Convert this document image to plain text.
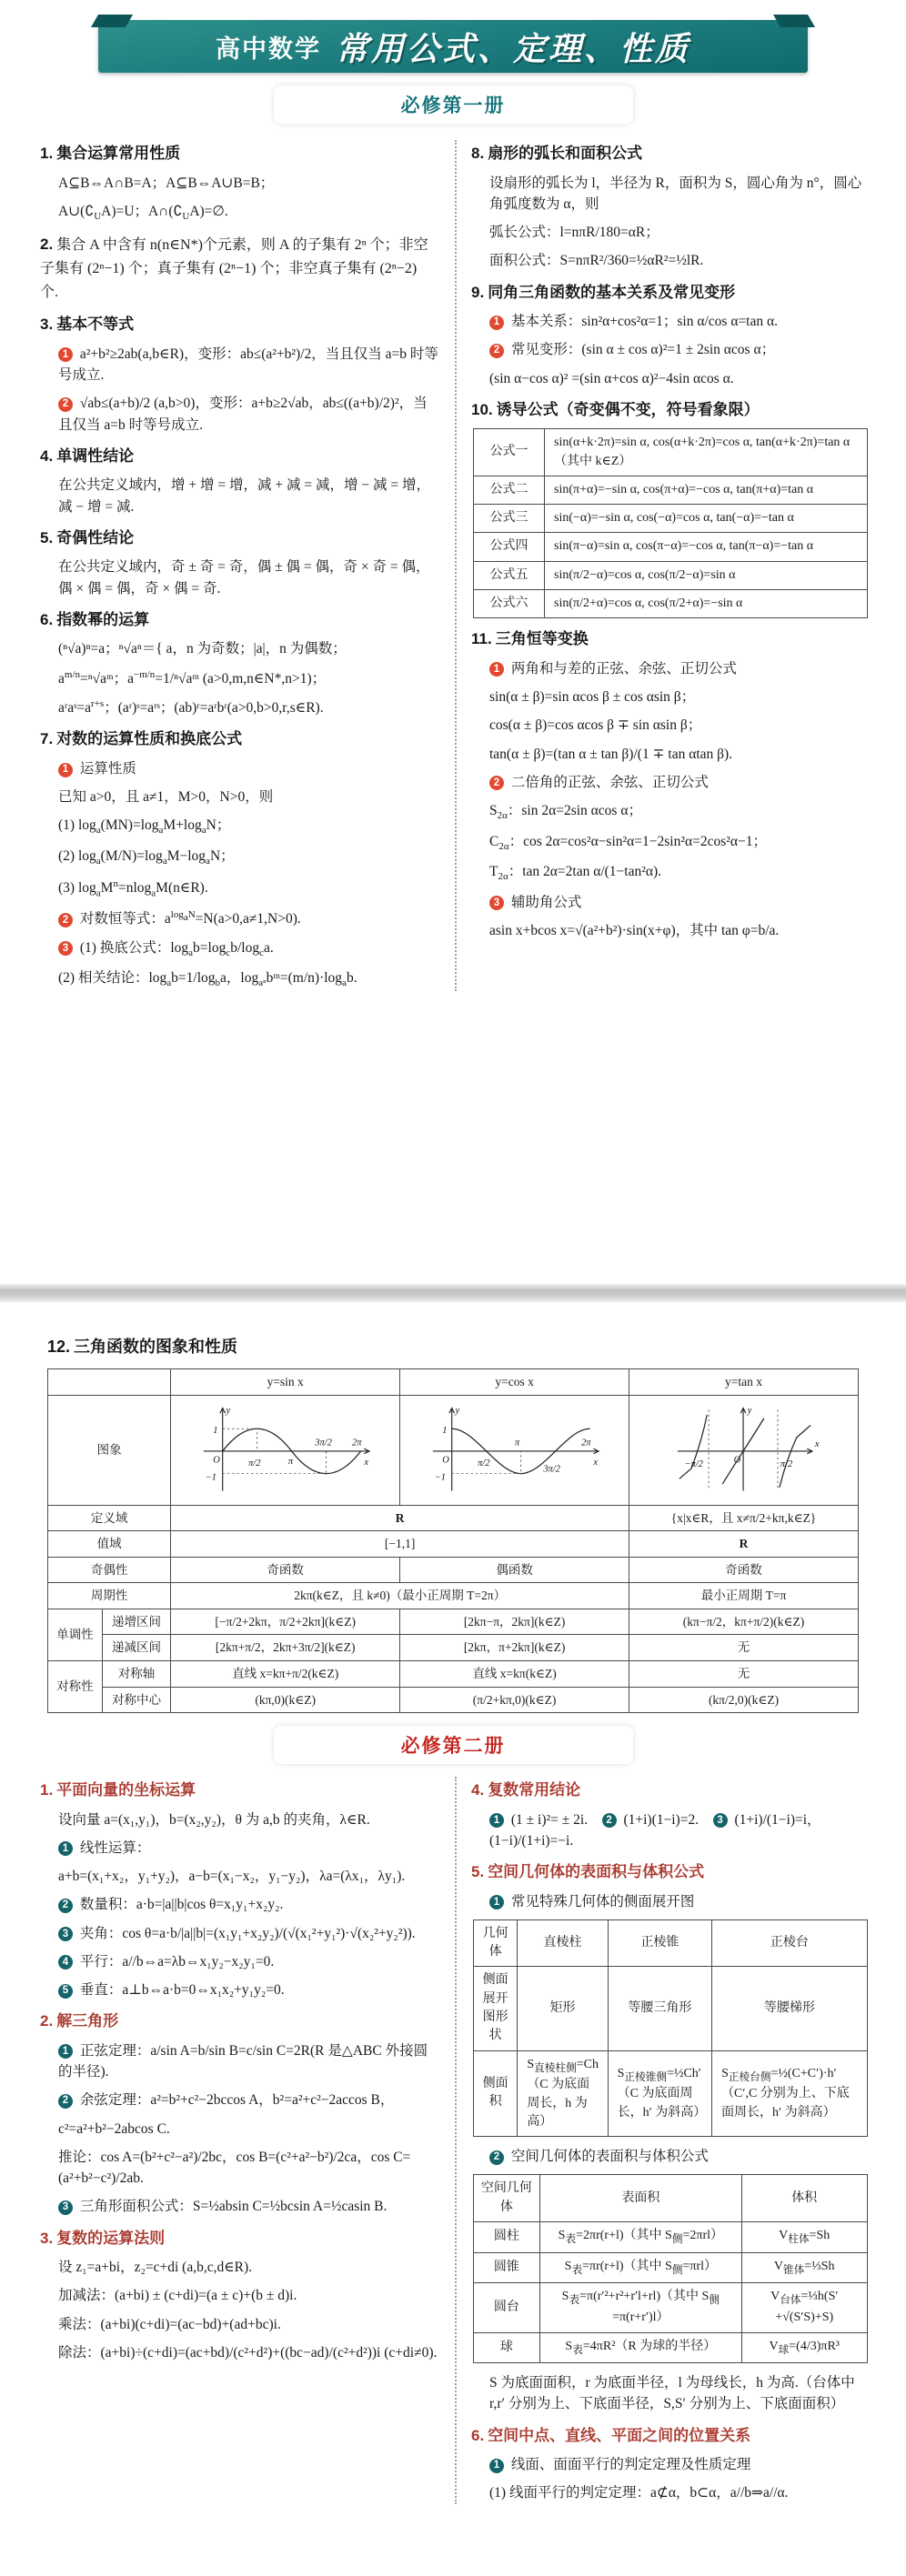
高中数学 常用公式、定理、性质
必修第一册
1. 集合运算常用性质
A⊆B⇔A∩B=A；A⊆B⇔A∪B=B；
$A\cup(∁_UA)=U$；$A\cap(∁_UA)=\emptyset$.
2. 集合 A 中含有 n(n∈N*)个元素，则 A 的子集有 2ⁿ 个；非空子集有 (2ⁿ−1) 个；真子集有 (2ⁿ−1) 个；非空真子集有 (2ⁿ−2) 个.
3. 基本不等式
1 a²+b²≥2ab(a,b∈R)，变形：ab≤(a²+b²)/2，当且仅当 a=b 时等号成立.
2 √ab≤(a+b)/2 (a,b>0)，变形：a+b≥2√ab，ab≤((a+b)/2)²，当且仅当 a=b 时等号成立.
4. 单调性结论
在公共定义域内，增 + 增 = 增，减 + 减 = 减，增 − 减 = 增，减 − 增 = 减.
5. 奇偶性结论
在公共定义域内，奇 ± 奇 = 奇，偶 ± 偶 = 偶，奇 × 奇 = 偶，偶 × 偶 = 偶，奇 × 偶 = 奇.
6. 指数幂的运算
(ⁿ√a)ⁿ=a；ⁿ√aⁿ＝{ a，n 为奇数；|a|，n 为偶数；
$a^{m/n}=^n√aᵐ$；$a^{-m/n}=1/^n√aᵐ$ (a>0,m,n∈N*,n>1)；
$aʳaˢ=a^{r+s}$；(aʳ)ˢ=aʳˢ；(ab)ʳ=aʳbʳ(a>0,b>0,r,s∈R).
7. 对数的运算性质和换底公式
1 运算性质
已知 a>0，且 a≠1，M>0，N>0，则
(1) $\log_a(MN)=\log_aM+\log_aN$；
(2) $\log_a(M/N)=\log_aM-\log_aN$；
(3) $\log_aM^n=nlog_aM(n\in R)$.
2 对数恒等式：$a^{log_aN}=N(a>0,a\ne 1,N>0)$.
3 (1) 换底公式：$\log_ab=\log_cb/\log_ca$.
(2) 相关结论：$\log_ab=1/\log_ba$，$\log_{a^n}bᵐ=(m/n)\cdot\log_ab$.
8. 扇形的弧长和面积公式
设扇形的弧长为 l，半径为 R，面积为 S，圆心角为 n°，圆心角弧度数为 α，则
弧长公式：l=nπR/180=αR；
面积公式：S=nπR²/360=½αR²=½lR.
9. 同角三角函数的基本关系及常见变形
1 基本关系：sin²α+cos²α=1；sin α/cos α=tan α.
2 常见变形：(sin α ± cos α)²=1 ± 2sin αcos α；
(sin α−cos α)² =(sin α+cos α)²−4sin αcos α.
10. 诱导公式（奇变偶不变，符号看象限）
公式一	sin(α+k·2π)=sin α, cos(α+k·2π)=cos α, tan(α+k·2π)=tan α（其中 k∈Z）
公式二	sin(π+α)=−sin α, cos(π+α)=−cos α, tan(π+α)=tan α
公式三	sin(−α)=−sin α, cos(−α)=cos α, tan(−α)=−tan α
公式四	sin(π−α)=sin α, cos(π−α)=−cos α, tan(π−α)=−tan α
公式五	sin(π/2−α)=cos α, cos(π/2−α)=sin α
公式六	sin(π/2+α)=cos α, cos(π/2+α)=−sin α
11. 三角恒等变换
1 两角和与差的正弦、余弦、正切公式
sin(α ± β)=sin αcos β ± cos αsin β；
cos(α ± β)=cos αcos β ∓ sin αsin β；
tan(α ± β)=(tan α ± tan β)/(1 ∓ tan αtan β).
2 二倍角的正弦、余弦、正切公式
$S_{2\alpha}$：sin 2α=2sin αcos α；
$C_{2\alpha}$：cos 2α=cos²α−sin²α=1−2sin²α=2cos²α−1；
$T_{2\alpha}$：tan 2α=2tan α/(1−tan²α).
3 辅助角公式
asin x+bcos x=√(a²+b²)·sin(x+φ)，其中 tan φ=b/a.
12. 三角函数的图象和性质
		y=sin x	y=cos x	y=tan x
图象	
y
x
O
1
−1
π/2	π
3π/2 2π

y
x
O
1
−1
π/2
π
3π/2
2π

y
x
O
−π/2	π/2

定义域		R		{x|x∈R，且 x≠π/2+kπ,k∈Z}
值域		[−1,1]		R
奇偶性		奇函数	偶函数	奇函数
周期性		2kπ(k∈Z，且 k≠0)（最小正周期 T=2π）		最小正周期 T=π
单调性	递增区间	[−π/2+2kπ，π/2+2kπ](k∈Z)	[2kπ−π，2kπ](k∈Z)	(kπ−π/2，kπ+π/2)(k∈Z)
	递减区间	[2kπ+π/2，2kπ+3π/2](k∈Z)	[2kπ，π+2kπ](k∈Z)	无
对称性	对称轴	直线 x=kπ+π/2(k∈Z)	直线 x=kπ(k∈Z)	无
	对称中心	(kπ,0)(k∈Z)	(π/2+kπ,0)(k∈Z)	(kπ/2,0)(k∈Z)
必修第二册
1. 平面向量的坐标运算
设向量 a=(x₁,y₁)，b=(x₂,y₂)，θ 为 a,b 的夹角，λ∈R.
1 线性运算：
a+b=(x₁+x₂，y₁+y₂)，a−b=(x₁−x₂，y₁−y₂)，λa=(λx₁，λy₁).
2 数量积：a·b=|a||b|cos θ=x₁y₁+x₂y₂.
3 夹角：cos θ=a·b/|a||b|=(x₁y₁+x₂y₂)/(√(x₁²+y₁²)·√(x₂²+y₂²)).
4 平行：a//b⇔a=λb⇔x₁y₂−x₂y₁=0.
5 垂直：a⊥b⇔a·b=0⇔x₁x₂+y₁y₂=0.
2. 解三角形
1 正弦定理：a/sin A=b/sin B=c/sin C=2R(R 是△ABC 外接圆的半径).
2 余弦定理：a²=b²+c²−2bccos A，b²=a²+c²−2accos B，
c²=a²+b²−2abcos C.
推论：cos A=(b²+c²−a²)/2bc，cos B=(c²+a²−b²)/2ca，cos C=(a²+b²−c²)/2ab.
3 三角形面积公式：S=½absin C=½bcsin A=½casin B.
3. 复数的运算法则
设 z₁=a+bi，z₂=c+di (a,b,c,d∈R).
加减法：(a+bi) ± (c+di)=(a ± c)+(b ± d)i.
乘法：(a+bi)(c+di)=(ac−bd)+(ad+bc)i.
除法：(a+bi)÷(c+di)=(ac+bd)/(c²+d²)+((bc−ad)/(c²+d²))i (c+di≠0).
4. 复数常用结论
1 (1 ± i)²= ± 2i.　2 (1+i)(1−i)=2.　3 (1+i)/(1−i)=i，(1−i)/(1+i)=−i.
5. 空间几何体的表面积与体积公式
1 常见特殊几何体的侧面展开图
几何体	直棱柱	正棱锥	正棱台
侧面展开图形状	矩形	等腰三角形	等腰梯形
侧面积	$S_{直棱柱侧}=Ch(C$ 为底面周长，h 为高）	$S_{正棱锥侧}=\frac{1}{2}Ch'(C$ 为底面周长，h′ 为斜高）	$S_{正棱台侧}=\frac{1}{2}(C+C')\cdot h'(C',C$ 分别为上、下底面周长，h′ 为斜高）
2 空间几何体的表面积与体积公式
空间几何体	表面积	体积
圆柱	$S_表=2\pi r(r+l)$（其中 $S_侧=2\pi rl$）	$V_{柱体}=Sh$
圆锥	$S_表=\pi r(r+l)$（其中 $S_侧=\pi rl$）	$V_{锥体}=\frac{1}{3}Sh$
圆台	$S_表=\pi(r'^2+r^2+r'l+rl)$（其中 $S_侧=\pi(r+r')l$）	$V_{台体}=\frac{1}{3}h(S'+√(S'S)+S)$
球	$S_表=4\pi R^2(R$ 为球的半径）	$V_球=(4/3)\pi R^3$
S 为底面面积，r 为底面半径，l 为母线长，h 为高.（台体中 r,r′ 分别为上、下底面半径，S,S′ 分别为上、下底面面积）
6. 空间中点、直线、平面之间的位置关系
1 线面、面面平行的判定定理及性质定理
(1) 线面平行的判定定理：a⊄α，b⊂α，a//b⇒a//α.
